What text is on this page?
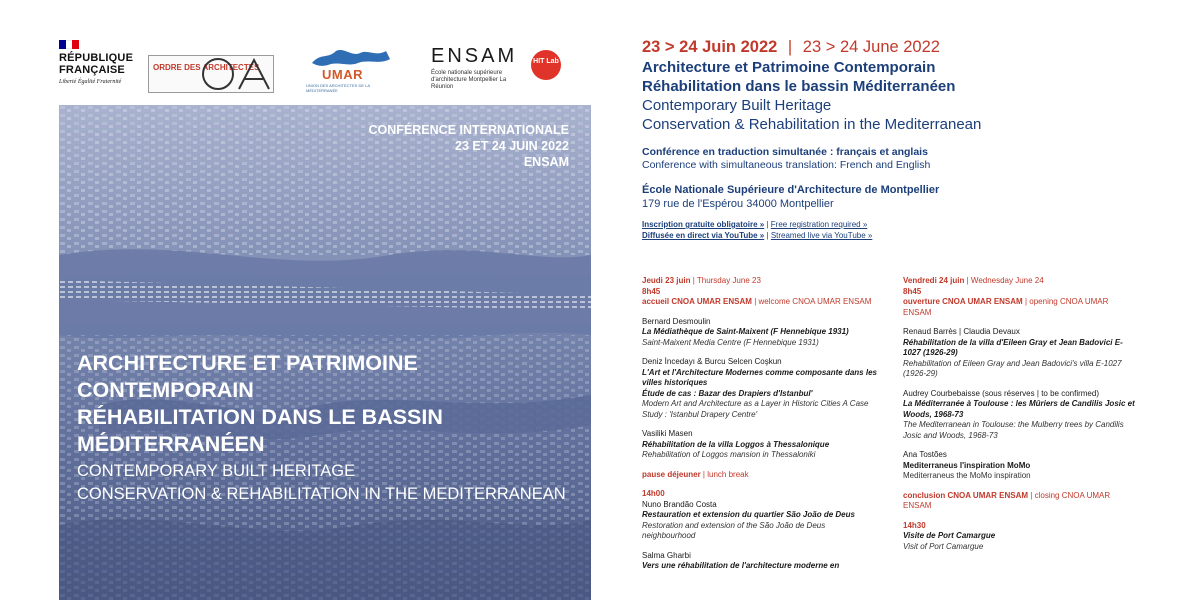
RÉPUBLIQUE FRANÇAISE
Liberté Égalité Fraternité
ORDRE DES ARCHITECTES	UMAR
UNION DES ARCHITECTES DE LA MÉDITERRANÉE
ENSAM
École nationale supérieure d'architecture Montpellier La Réunion
HIT Lab
CONFÉRENCE INTERNATIONALE
23 ET 24 JUIN 2022
ENSAM
ARCHITECTURE ET PATRIMOINE CONTEMPORAIN
RÉHABILITATION DANS LE BASSIN
MÉDITERRANÉEN
CONTEMPORARY BUILT HERITAGE
CONSERVATION & REHABILITATION IN THE MEDITERRANEAN
23 > 24 Juin 2022 | 23 > 24 June 2022
Architecture et Patrimoine Contemporain
Réhabilitation dans le bassin Méditerranéen
Contemporary Built Heritage
Conservation & Rehabilitation in the Mediterranean
Conférence en traduction simultanée : français et anglais
Conference with simultaneous translation: French and English
École Nationale Supérieure d'Architecture de Montpellier
179 rue de l'Espérou 34000 Montpellier
Inscription gratuite obligatoire » | Free registration required »
Diffusée en direct via YouTube » | Streamed live via YouTube »
Jeudi 23 juin | Thursday June 23
8h45
accueil CNOA UMAR ENSAM | welcome CNOA UMAR ENSAM
Bernard Desmoulin
La Médiathèque de Saint-Maixent (F Hennebique 1931)
Saint-Maixent Media Centre (F Hennebique 1931)
Deniz İncedayı & Burcu Selcen Coşkun
L'Art et l'Architecture Modernes comme composante dans les villes historiques
Étude de cas : Bazar des Drapiers d'Istanbul'
Modern Art and Architecture as a Layer in Historic Cities A Case Study : 'Istanbul Drapery Centre'
Vasiliki Masen
Réhabilitation de la villa Loggos à Thessalonique
Rehabilitation of Loggos mansion in Thessaloniki
pause déjeuner | lunch break
14h00
Nuno Brandão Costa
Restauration et extension du quartier São João de Deus
Restoration and extension of the São João de Deus neighbourhood
Salma Gharbi
Vers une réhabilitation de l'architecture moderne en
Vendredi 24 juin | Wednesday June 24
8h45
ouverture CNOA UMAR ENSAM | opening CNOA UMAR ENSAM
Renaud Barrès | Claudia Devaux
Réhabilitation de la villa d'Eileen Gray et Jean Badovici E-1027 (1926-29)
Rehabilitation of Eileen Gray and Jean Badovici's villa E-1027 (1926-29)
Audrey Courbebaisse (sous réserves | to be confirmed)
La Méditerranée à Toulouse : les Mûriers de Candilis Josic et Woods, 1968-73
The Mediterranean in Toulouse: the Mulberry trees by Candilis Josic and Woods, 1968-73
Ana Tostões
Mediterraneus l'inspiration MoMo
Mediterraneus the MoMo inspiration
conclusion CNOA UMAR ENSAM | closing CNOA UMAR ENSAM
14h30
Visite de Port Camargue
Visit of Port Camargue
